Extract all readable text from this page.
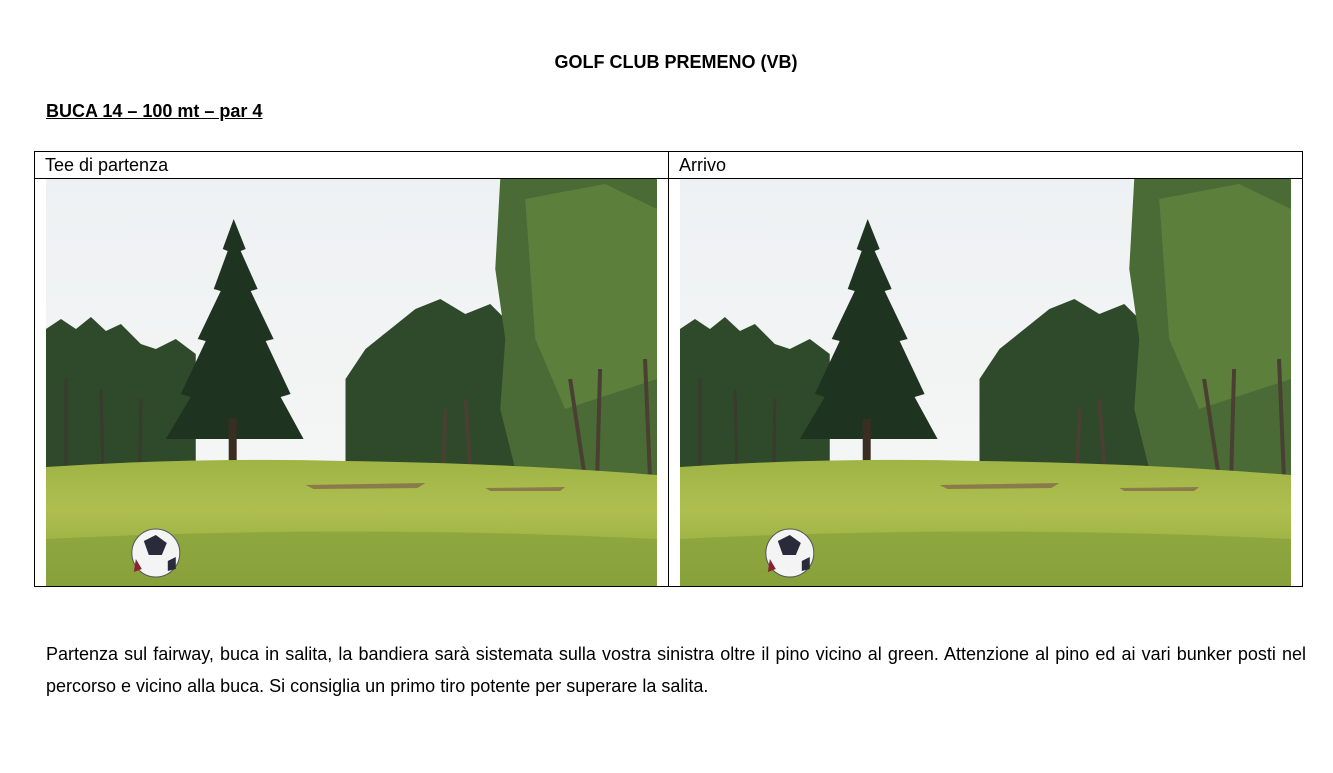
GOLF CLUB PREMENO (VB)
BUCA 14 – 100 mt – par 4
Tee di partenza	Arrivo

Partenza sul fairway, buca in salita, la bandiera sarà sistemata sulla vostra sinistra oltre il pino vicino al green. Attenzione al pino ed ai vari bunker posti nel percorso e vicino alla buca. Si consiglia un primo tiro potente per superare la salita.
